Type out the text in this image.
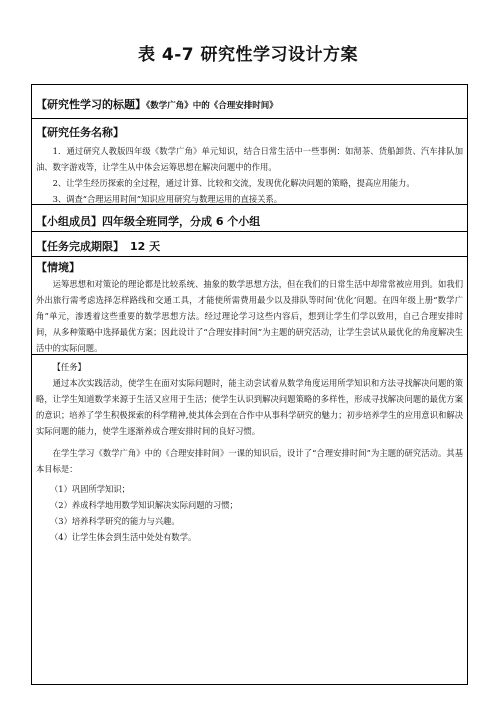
表 4-7 研究性学习设计方案
【研究性学习的标题】《数学广角》中的《合理安排时间》
【研究任务名称】

1．通过研究人教版四年级《数学广角》单元知识，结合日常生活中一些事例：如沏茶、货船卸货、汽车排队加油、数字游戏等，让学生从中体会运筹思想在解决问题中的作用。

2、让学生经历探索的全过程，通过计算、比较和交流，发现优化解决问题的策略，提高应用能力。

3、调查“合理运用时间”知识应用研究与数理运用的直接关系。

【小组成员】四年级全班同学，分成 6 个小组
【任务完成期限】 12 天
【情境】

运筹思想和对策论的理论都是比较系统、抽象的数学思想方法，但在我们的日常生活中却常常被应用到。如我们外出旅行需考虑选择怎样路线和交通工具，才能使所需费用最少以及排队等时间‘优化’问题。在四年级上册“数学广角”单元，渗透着这些重要的数学思想方法。经过理论学习这些内容后，想到让学生们学以致用，自己合理安排时间，从多种策略中选择最优方案；因此设计了“合理安排时间”为主题的研究活动，让学生尝试从最优化的角度解决生活中的实际问题。

【任务】

通过本次实践活动，使学生在面对实际问题时，能主动尝试着从数学角度运用所学知识和方法寻找解决问题的策略，让学生知道数学来源于生活又应用于生活；使学生认识到解决问题策略的多样性，形成寻找解决问题的最优方案的意识；培养了学生积极探索的科学精神,使其体会到在合作中从事科学研究的魅力；初步培养学生的应用意识和解决实际问题的能力，使学生逐渐养成合理安排时间的良好习惯。

在学生学习《数学广角》中的《合理安排时间》一课的知识后，设计了“合理安排时间”为主题的研究活动。其基本目标是：

（1）巩固所学知识；
（2）养成科学地用数学知识解决实际问题的习惯；
（3）培养科学研究的能力与兴趣。
（4）让学生体会到生活中处处有数学。
